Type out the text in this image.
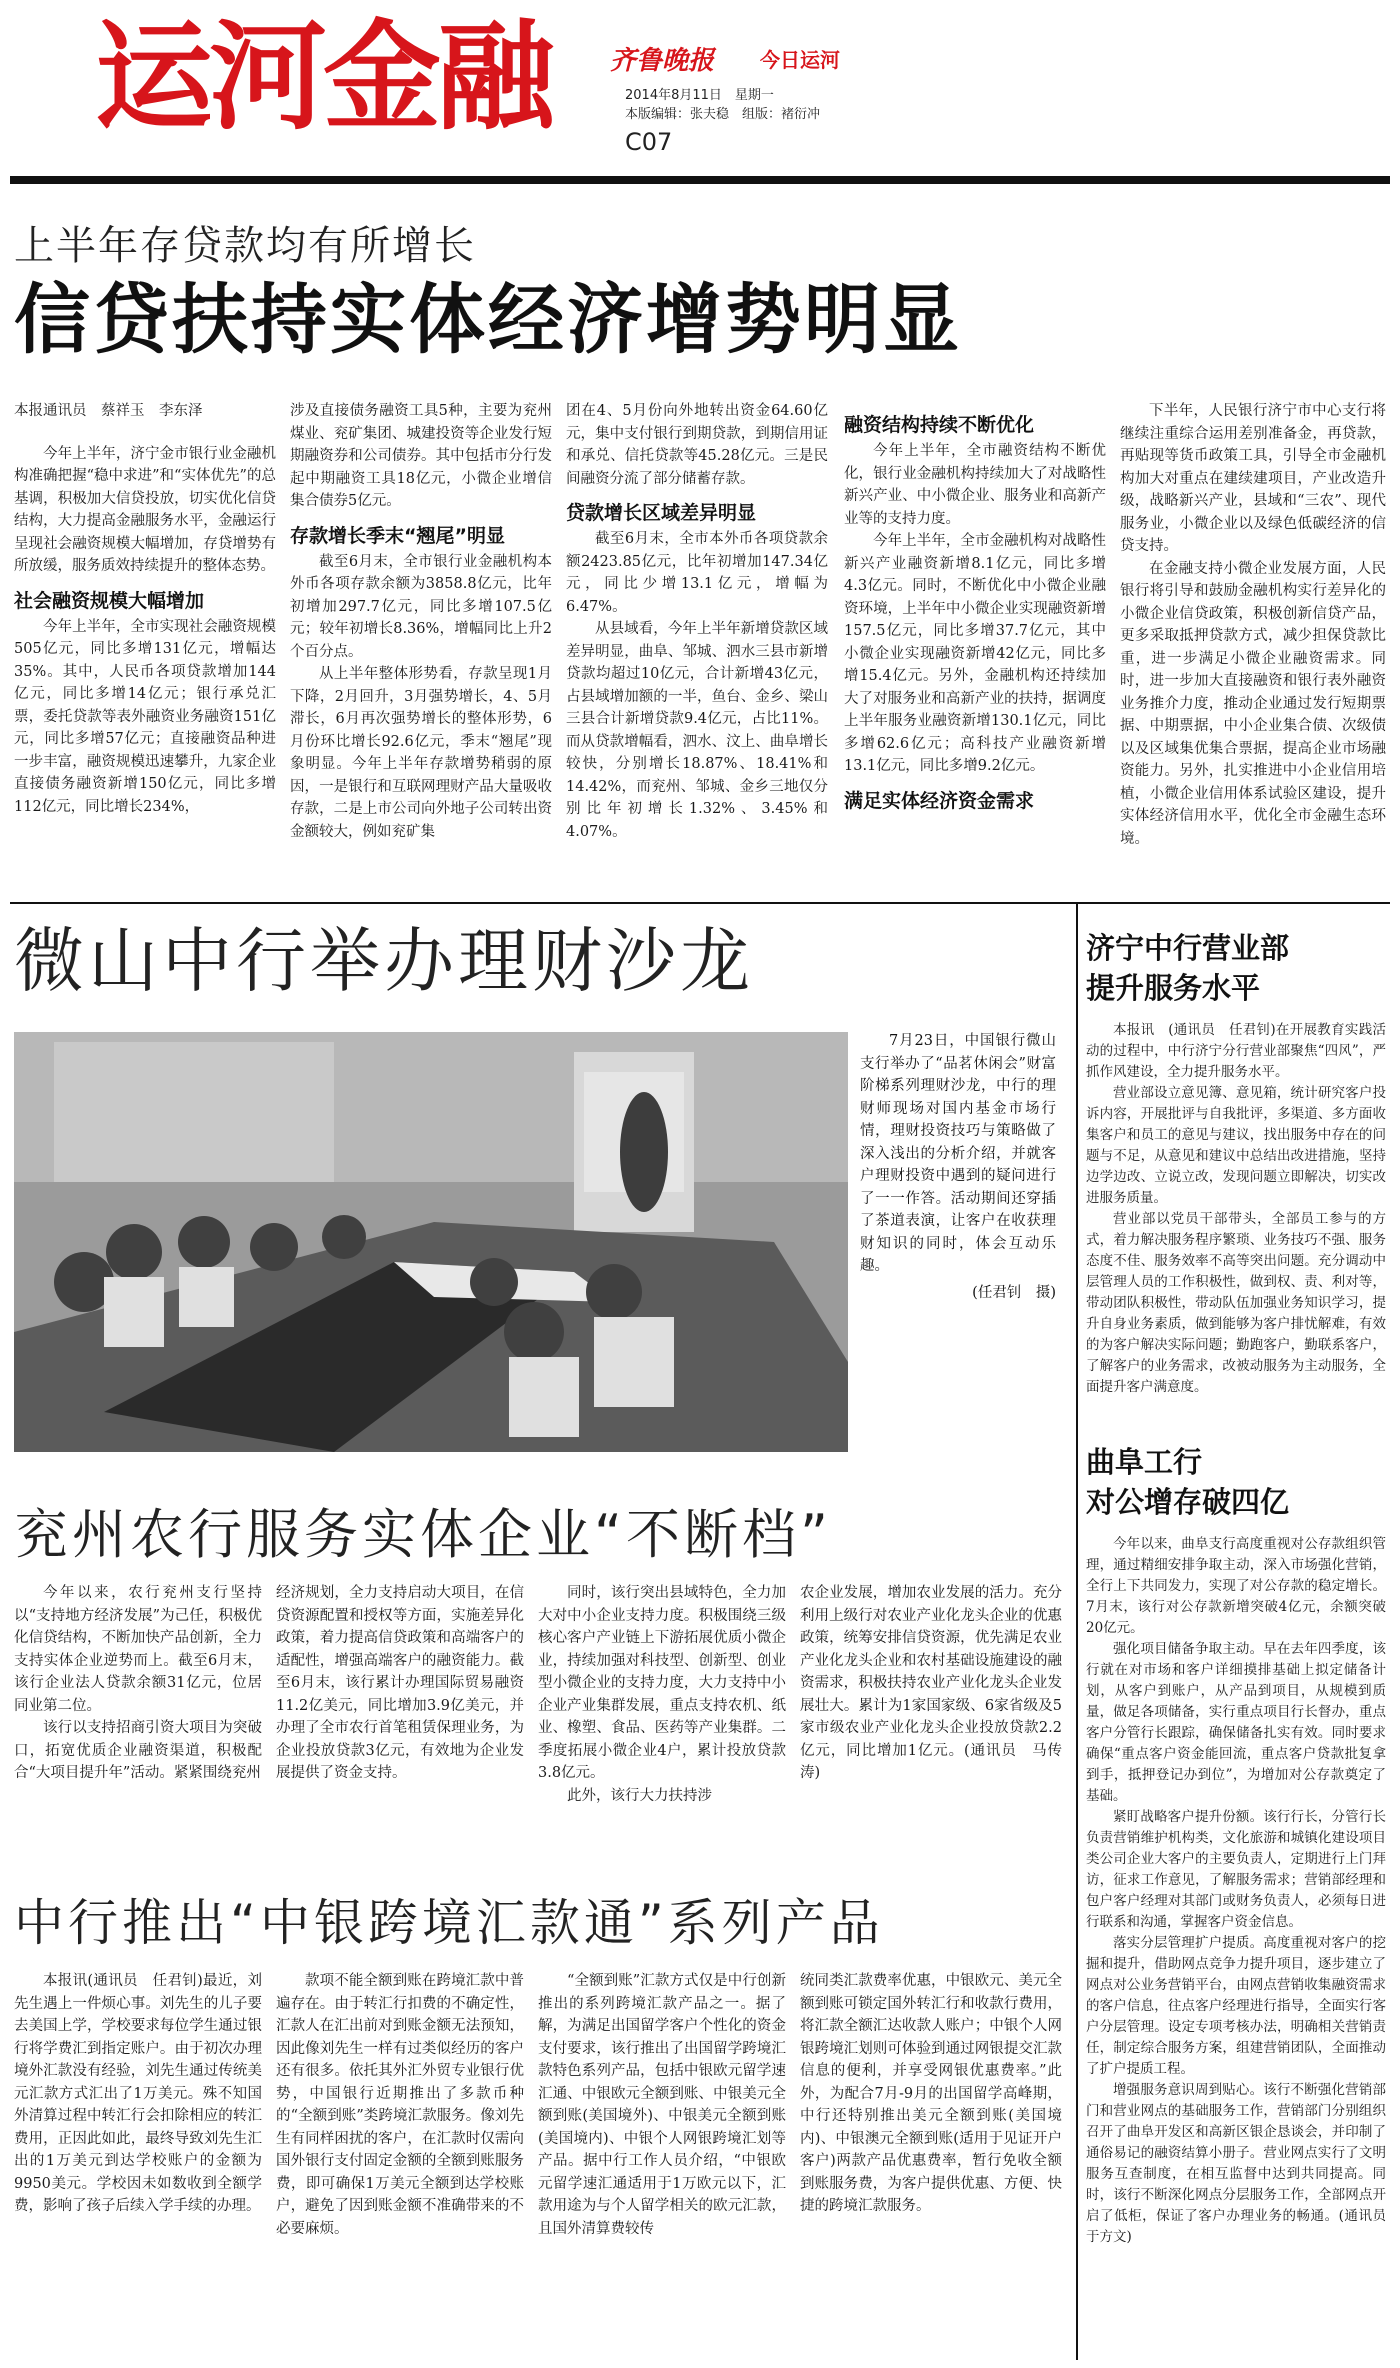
运河金融 齐鲁晚报 今日运河
2014年8月11日　星期一
本版编辑：张夫稳　组版：褚衍冲
C07
上半年存贷款均有所增长
信贷扶持实体经济增势明显

本报通讯员　蔡祥玉　李东泽

今年上半年，济宁金市银行业金融机构准确把握“稳中求进”和“实体优先”的总基调，积极加大信贷投放，切实优化信贷结构，大力提高金融服务水平，金融运行呈现社会融资规模大幅增加，存贷增势有所放缓，服务质效持续提升的整体态势。

社会融资规模大幅增加

今年上半年，全市实现社会融资规模505亿元，同比多增131亿元，增幅达35%。其中，人民币各项贷款增加144亿元，同比多增14亿元；银行承兑汇票，委托贷款等表外融资业务融资151亿元，同比多增57亿元；直接融资品种进一步丰富，融资规模迅速攀升，九家企业直接债务融资新增150亿元，同比多增112亿元，同比增长234%，

涉及直接债务融资工具5种，主要为兖州煤业、兖矿集团、城建投资等企业发行短期融资券和公司债券。其中包括市分行发起中期融资工具18亿元，小微企业增信集合债券5亿元。

存款增长季末“翘尾”明显

截至6月末，全市银行业金融机构本外币各项存款余额为3858.8亿元，比年初增加297.7亿元，同比多增107.5亿元；较年初增长8.36%，增幅同比上升2个百分点。

从上半年整体形势看，存款呈现1月下降，2月回升，3月强势增长，4、5月滞长，6月再次强势增长的整体形势，6月份环比增长92.6亿元，季末“翘尾”现象明显。今年上半年存款增势稍弱的原因，一是银行和互联网理财产品大量吸收存款，二是上市公司向外地子公司转出资金额较大，例如兖矿集

团在4、5月份向外地转出资金64.60亿元，集中支付银行到期贷款，到期信用证和承兑、信托贷款等45.28亿元。三是民间融资分流了部分储蓄存款。

贷款增长区域差异明显

截至6月末，全市本外币各项贷款余额2423.85亿元，比年初增加147.34亿元，同比少增13.1亿元，增幅为6.47%。

从县域看，今年上半年新增贷款区域差异明显，曲阜、邹城、泗水三县市新增贷款均超过10亿元，合计新增43亿元，占县域增加额的一半，鱼台、金乡、梁山三县合计新增贷款9.4亿元，占比11%。而从贷款增幅看，泗水、汶上、曲阜增长较快，分别增长18.87%、18.41%和14.42%，而兖州、邹城、金乡三地仅分别比年初增长1.32%、3.45%和4.07%。

融资结构持续不断优化

今年上半年，全市融资结构不断优化，银行业金融机构持续加大了对战略性新兴产业、中小微企业、服务业和高新产业等的支持力度。

今年上半年，全市金融机构对战略性新兴产业融资新增8.1亿元，同比多增4.3亿元。同时，不断优化中小微企业融资环境，上半年中小微企业实现融资新增157.5亿元，同比多增37.7亿元，其中小微企业实现融资新增42亿元，同比多增15.4亿元。另外，金融机构还持续加大了对服务业和高新产业的扶持，据调度上半年服务业融资新增130.1亿元，同比多增62.6亿元；高科技产业融资新增13.1亿元，同比多增9.2亿元。

满足实体经济资金需求

下半年，人民银行济宁市中心支行将继续注重综合运用差别准备金，再贷款，再贴现等货币政策工具，引导全市金融机构加大对重点在建续建项目，产业改造升级，战略新兴产业，县域和“三农”、现代服务业，小微企业以及绿色低碳经济的信贷支持。

在金融支持小微企业发展方面，人民银行将引导和鼓励金融机构实行差异化的小微企业信贷政策，积极创新信贷产品，更多采取抵押贷款方式，减少担保贷款比重，进一步满足小微企业融资需求。同时，进一步加大直接融资和银行表外融资业务推介力度，推动企业通过发行短期票据、中期票据，中小企业集合债、次级债以及区域集优集合票据，提高企业市场融资能力。另外，扎实推进中小企业信用培植，小微企业信用体系试验区建设，提升实体经济信用水平，优化全市金融生态环境。

微山中行举办理财沙龙

7月23日，中国银行微山支行举办了“品茗休闲会”财富阶梯系列理财沙龙，中行的理财师现场对国内基金市场行情，理财投资技巧与策略做了深入浅出的分析介绍，并就客户理财投资中遇到的疑问进行了一一作答。活动期间还穿插了茶道表演，让客户在收获理财知识的同时，体会互动乐趣。

(任君钊　摄)

兖州农行服务实体企业“不断档”

今年以来，农行兖州支行坚持以“支持地方经济发展”为己任，积极优化信贷结构，不断加快产品创新，全力支持实体企业逆势而上。截至6月末，该行企业法人贷款余额31亿元，位居同业第二位。

该行以支持招商引资大项目为突破口，拓宽优质企业融资渠道，积极配合“大项目提升年”活动。紧紧围绕兖州

经济规划，全力支持启动大项目，在信贷资源配置和授权等方面，实施差异化政策，着力提高信贷政策和高端客户的适配性，增强高端客户的融资能力。截至6月末，该行累计办理国际贸易融资11.2亿美元，同比增加3.9亿美元，并办理了全市农行首笔租赁保理业务，为企业投放贷款3亿元，有效地为企业发展提供了资金支持。

同时，该行突出县域特色，全力加大对中小企业支持力度。积极围绕三级核心客户产业链上下游拓展优质小微企业，持续加强对科技型、创新型、创业型小微企业的支持力度，大力支持中小企业产业集群发展，重点支持农机、纸业、橡塑、食品、医药等产业集群。二季度拓展小微企业4户，累计投放贷款3.8亿元。

此外，该行大力扶持涉

农企业发展，增加农业发展的活力。充分利用上级行对农业产业化龙头企业的优惠政策，统筹安排信贷资源，优先满足农业产业化龙头企业和农村基础设施建设的融资需求，积极扶持农业产业化龙头企业发展壮大。累计为1家国家级、6家省级及5家市级农业产业化龙头企业投放贷款2.2亿元，同比增加1亿元。(通讯员　马传涛)

中行推出“中银跨境汇款通”系列产品

本报讯(通讯员　任君钊)最近，刘先生遇上一件烦心事。刘先生的儿子要去美国上学，学校要求每位学生通过银行将学费汇到指定账户。由于初次办理境外汇款没有经验，刘先生通过传统美元汇款方式汇出了1万美元。殊不知国外清算过程中转汇行会扣除相应的转汇费用，正因此如此，最终导致刘先生汇出的1万美元到达学校账户的金额为9950美元。学校因未如数收到全额学费，影响了孩子后续入学手续的办理。

款项不能全额到账在跨境汇款中普遍存在。由于转汇行扣费的不确定性，汇款人在汇出前对到账金额无法预知，因此像刘先生一样有过类似经历的客户还有很多。依托其外汇外贸专业银行优势，中国银行近期推出了多款币种的“全额到账”类跨境汇款服务。像刘先生有同样困扰的客户，在汇款时仅需向国外银行支付固定金额的全额到账服务费，即可确保1万美元全额到达学校账户，避免了因到账金额不准确带来的不必要麻烦。

“全额到账”汇款方式仅是中行创新推出的系列跨境汇款产品之一。据了解，为满足出国留学客户个性化的资金支付要求，该行推出了出国留学跨境汇款特色系列产品，包括中银欧元留学速汇通、中银欧元全额到账、中银美元全额到账(美国境外)、中银美元全额到账(美国境内)、中银个人网银跨境汇划等产品。据中行工作人员介绍，“中银欧元留学速汇通适用于1万欧元以下，汇款用途为与个人留学相关的欧元汇款，且国外清算费较传

统同类汇款费率优惠，中银欧元、美元全额到账可锁定国外转汇行和收款行费用，将汇款全额汇达收款人账户；中银个人网银跨境汇划则可体验到通过网银提交汇款信息的便利，并享受网银优惠费率。”此外，为配合7月-9月的出国留学高峰期，中行还特别推出美元全额到账(美国境内)、中银澳元全额到账(适用于见证开户客户)两款产品优惠费率，暂行免收全额到账服务费，为客户提供优惠、方便、快捷的跨境汇款服务。

济宁中行营业部
提升服务水平

本报讯　(通讯员　任君钊)在开展教育实践活动的过程中，中行济宁分行营业部聚焦“四风”，严抓作风建设，全力提升服务水平。

营业部设立意见簿、意见箱，统计研究客户投诉内容，开展批评与自我批评，多渠道、多方面收集客户和员工的意见与建议，找出服务中存在的问题与不足，从意见和建议中总结出改进措施，坚持边学边改、立说立改，发现问题立即解决，切实改进服务质量。

营业部以党员干部带头，全部员工参与的方式，着力解决服务程序繁琐、业务技巧不强、服务态度不佳、服务效率不高等突出问题。充分调动中层管理人员的工作积极性，做到权、责、利对等，带动团队积极性，带动队伍加强业务知识学习，提升自身业务素质，做到能够为客户排忧解难，有效的为客户解决实际问题；勤跑客户，勤联系客户，了解客户的业务需求，改被动服务为主动服务，全面提升客户满意度。

曲阜工行
对公增存破四亿

今年以来，曲阜支行高度重视对公存款组织管理，通过精细安排争取主动，深入市场强化营销，全行上下共同发力，实现了对公存款的稳定增长。7月末，该行对公存款新增突破4亿元，余额突破20亿元。

强化项目储备争取主动。早在去年四季度，该行就在对市场和客户详细摸排基础上拟定储备计划，从客户到账户，从产品到项目，从规模到质量，做足各项储备，实行重点项目行长督办，重点客户分管行长跟踪，确保储备扎实有效。同时要求确保“重点客户资金能回流，重点客户贷款批复拿到手，抵押登记办到位”，为增加对公存款奠定了基础。

紧盯战略客户提升份额。该行行长，分管行长负责营销维护机构类，文化旅游和城镇化建设项目类公司企业大客户的主要负责人，定期进行上门拜访，征求工作意见，了解服务需求；营销部经理和包户客户经理对其部门或财务负责人，必须每日进行联系和沟通，掌握客户资金信息。

落实分层管理扩户提质。高度重视对客户的挖掘和提升，借助网点竞争力提升项目，逐步建立了网点对公业务营销平台，由网点营销收集融资需求的客户信息，往点客户经理进行指导，全面实行客户分层管理。设定专项考核办法，明确相关营销责任，制定综合服务方案，组建营销团队，全面推动了扩户提质工程。

增强服务意识周到贴心。该行不断强化营销部门和营业网点的基础服务工作，营销部门分别组织召开了曲阜开发区和高新区银企恳谈会，并印制了通俗易记的融资结算小册子。营业网点实行了文明服务互查制度，在相互监督中达到共同提高。同时，该行不断深化网点分层服务工作，全部网点开启了低柜，保证了客户办理业务的畅通。(通讯员　于方文)
